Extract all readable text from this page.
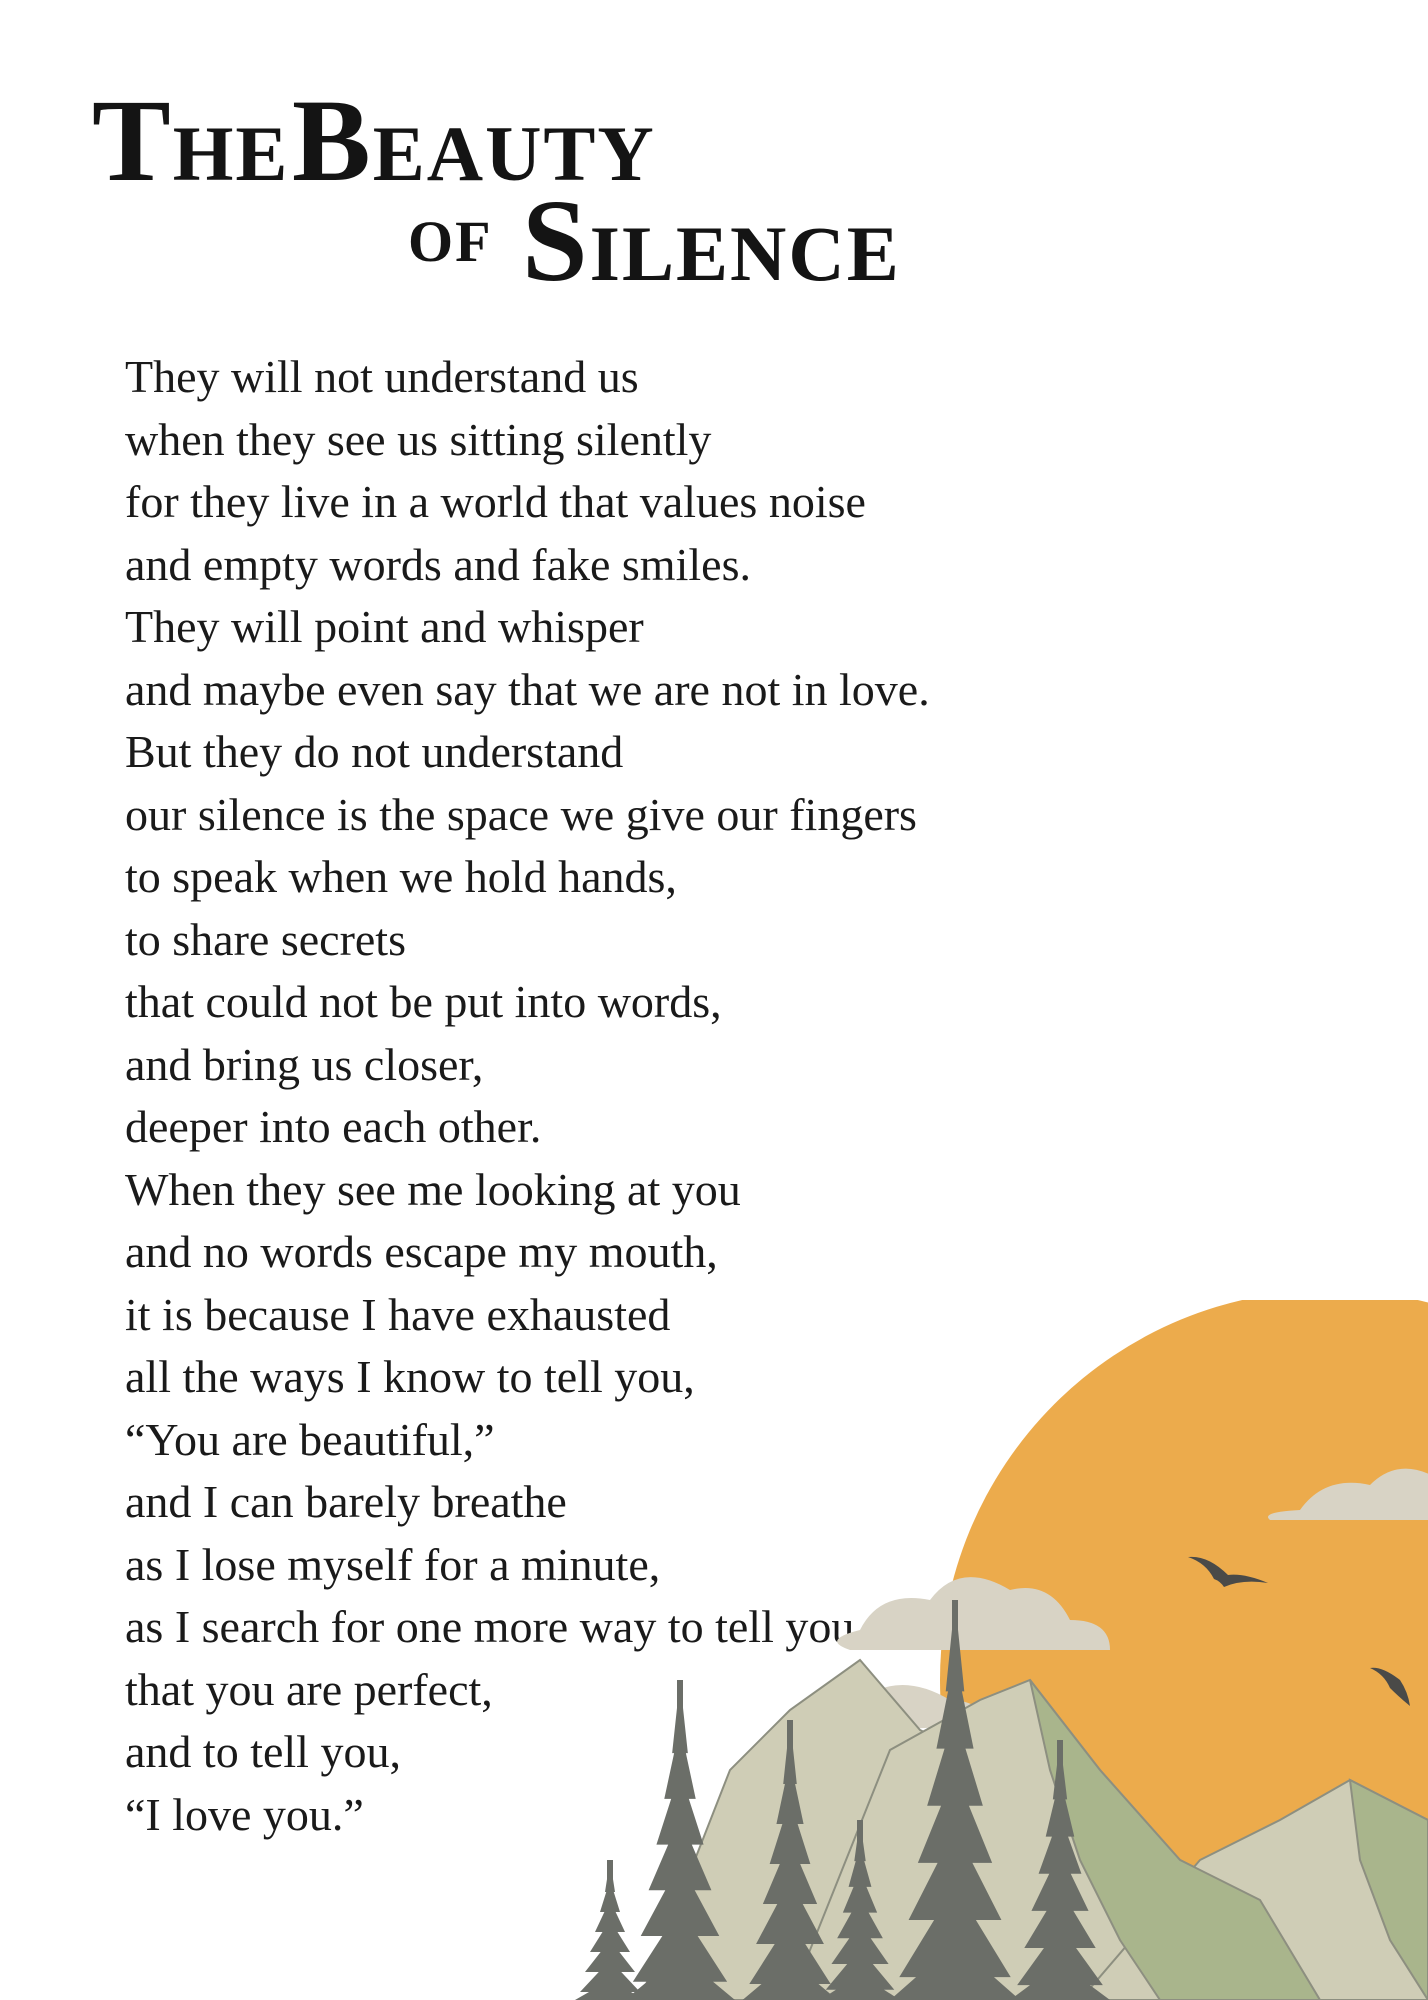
THE BEAUTY
OF SILENCE
They will not understand us
when they see us sitting silently
for they live in a world that values noise
and empty words and fake smiles.
They will point and whisper
and maybe even say that we are not in love.
But they do not understand
our silence is the space we give our fingers
to speak when we hold hands,
to share secrets
that could not be put into words,
and bring us closer,
deeper into each other.
When they see me looking at you
and no words escape my mouth,
it is because I have exhausted
all the ways I know to tell you,
“You are beautiful,”
and I can barely breathe
as I lose myself for a minute,
as I search for one more way to tell you
that you are perfect,
and to tell you,
“I love you.”
